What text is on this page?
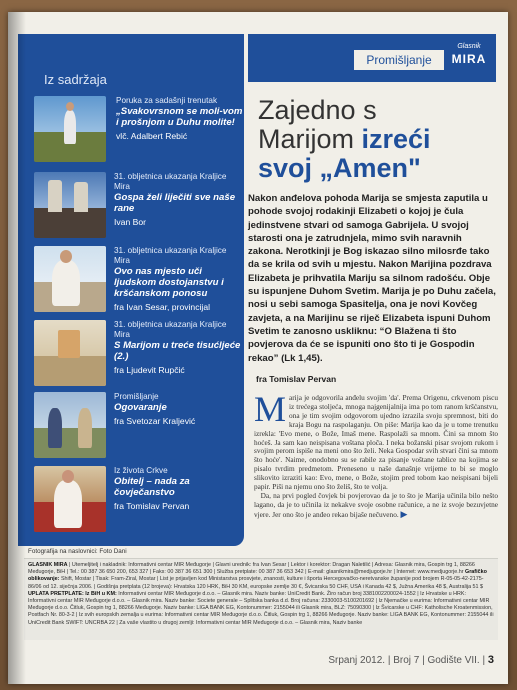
Iz sadržaja
Poruka za sadašnji trenutak
„Svakovrsnom se moli-vom i prošnjom u Duhu molite!
vlč. Adalbert Rebić
31. obljetnica ukazanja Kraljice Mira
Gospa želi liječiti sve naše rane
Ivan Bor
31. obljetnica ukazanja Kraljice Mira
Ovo nas mjesto uči ljudskom dostojanstvu i kršćanskom ponosu
fra Ivan Sesar, provincijal
31. obljetnica ukazanja Kraljice Mira
S Marijom u treće tisućljeće (2.)
fra Ljudevit Rupčić
Promišljanje
Ogovaranje
fra Svetozar Kraljević
Iz života Crkve
Obitelj – nada za čovječanstvo
fra Tomislav Pervan
Promišljanje
Glasnik
MIRA
Zajedno s
Marijom izreći
svoj „Amen"
Nakon anđelova pohoda Marija se smjesta zaputila u pohode svojoj rodakinji Elizabeti o kojoj je čula jedinstvene stvari od samoga Gabrijela. U svojoj starosti ona je zatrudnjela, mimo svih naravnih zakona. Nerotkinji je Bog iskazao silno milosrđe tako da se krila od svih u mjestu. Nakon Marijina pozdrava Elizabeta je prihvatila Mariju sa silnom radošću. Obje su ispunjene Duhom Svetim. Marija je po Duhu začela, nosi u sebi samoga Spasitelja, ona je novi Kovčeg zavjeta, a na Marijinu se riječ Elizabeta ispuni Duhom Svetim te zanosno uskliknu: “O Blažena ti što povjerova da će se ispuniti ono što ti je Gospodin rekao” (Lk 1,45).
fra Tomislav Pervan
M arija je odgovorila anđelu svojim 'da'. Prema Origenu, crkvenom piscu iz trećega stoljeća, mnoga najgenijalnija ima po tom ranom kršćanstvu, ona je tim svojim odgovorom ujedno izrazila svoju spremnost, biti do kraja Bogu na raspolaganju. On piše: Marija kao da je u tome trenutku izrekla: 'Evo mene, o Bože, Imaš mene. Raspolaži sa mnom. Čini sa mnom što hoćeš. Ja sam kao neispisana voštana ploča. I neka božanski pisar svojom rukom i svojim perom ispiše na meni ono što želi. Neka Gospodar svih stvari čini sa mnom što hoće'. Naime, onodobno su se rabile za pisanje voštane tablice na kojima se pisalo tvrdim predmetom. Preneseno u naše današnje vrijeme to bi se moglo slikovito izraziti kao: Evo, mene, o Bože, stojim pred tobom kao neispisani bijeli papir. Piši na njemu ono što želiš, što te volja.
Da, na prvi pogled čovjek bi povjerovao da je to što je Marija učinila bilo nešto lagano, da je to učinila iz nekakve svoje osobne računice, a ne iz svoje bezuvjetne vjere. Jer ono što je anđeo rekao bijaše nečuveno. ▶
Fotografija na naslovnici: Foto Dani
GLASNIK MIRA | Utemeljitelj i nakladnik: Informativni centar MIR Međugorje | Glavni urednik: fra Ivan Sesar | Lektor i korektor: Dragan Naletilić | Adresa: Glasnik mira, Gospin trg 1, 88266 Međugorje, BiH | Tel.: 00 387 36 650 200, 653 327 | Faks: 00 387 36 651 300 | Služba pretplate: 00 387 36 653 342 | E-mail: glasnikmira@medjugorje.hr | Internet: www.medjugorje.hr Grafičko oblikovanje: Shift, Mostar | Tisak: Fram-Ziral, Mostar | List je prijavljen kod Ministarstva prosvjete, znanosti, kulture i športa Hercegovačko-neretvanske županije pod brojem R-05-05-42-2175-86/06 od 12. siječnja 2006. | Godišnja pretplata (12 brojeva): Hrvatska 120 HRK, BiH 30 KM, europske zemlje 30 €, Švicarska 50 CHF, USA i Kanada 42 $, Južna Amerika 48 $, Australija 51 $
UPLATA PRETPLATE: Iz BiH u KM: Informativni centar MIR Međugorje d.o.o. – Glasnik mira. Naziv banke: UniCredit Bank. Žiro račun broj 3381002200024-1552 | Iz Hrvatske u HRK: Informativni centar MIR Međugorje d.o.o. – Glasnik mira. Naziv banke: Societe generale – Splitska banka d.d. Broj računa: 2330003-5100201692 | Iz Njemačke u eurima: Informativni centar MIR Međugorje d.o.o. Čitluk, Gospin trg 1, 88266 Međugorje. Naziv banke: LIGA BANK EG, Kontonummer: 2155044 ili Glasnik mira, BLZ: 75090300 | Iz Švicarske u CHF: Katholische Kroatenmission, Postfach Nr. 80-3-2 | Iz svih europskih zemalja u eurima: Informativni centar MIR Međugorje d.o.o. Čitluk, Gospin trg 1, 88266 Međugorje. Naziv banke: LIGA BANK EG, Kontonummer: 2155044 ili UniCredit Bank SWIFT: UNCRBA 22 | Za vaše vlastito u drugoj zemlji: Informativni centar MIR Međugorje d.o.o. – Glasnik mira, Naziv banke
Srpanj 2012. | Broj 7 | Godište VII. | 3
